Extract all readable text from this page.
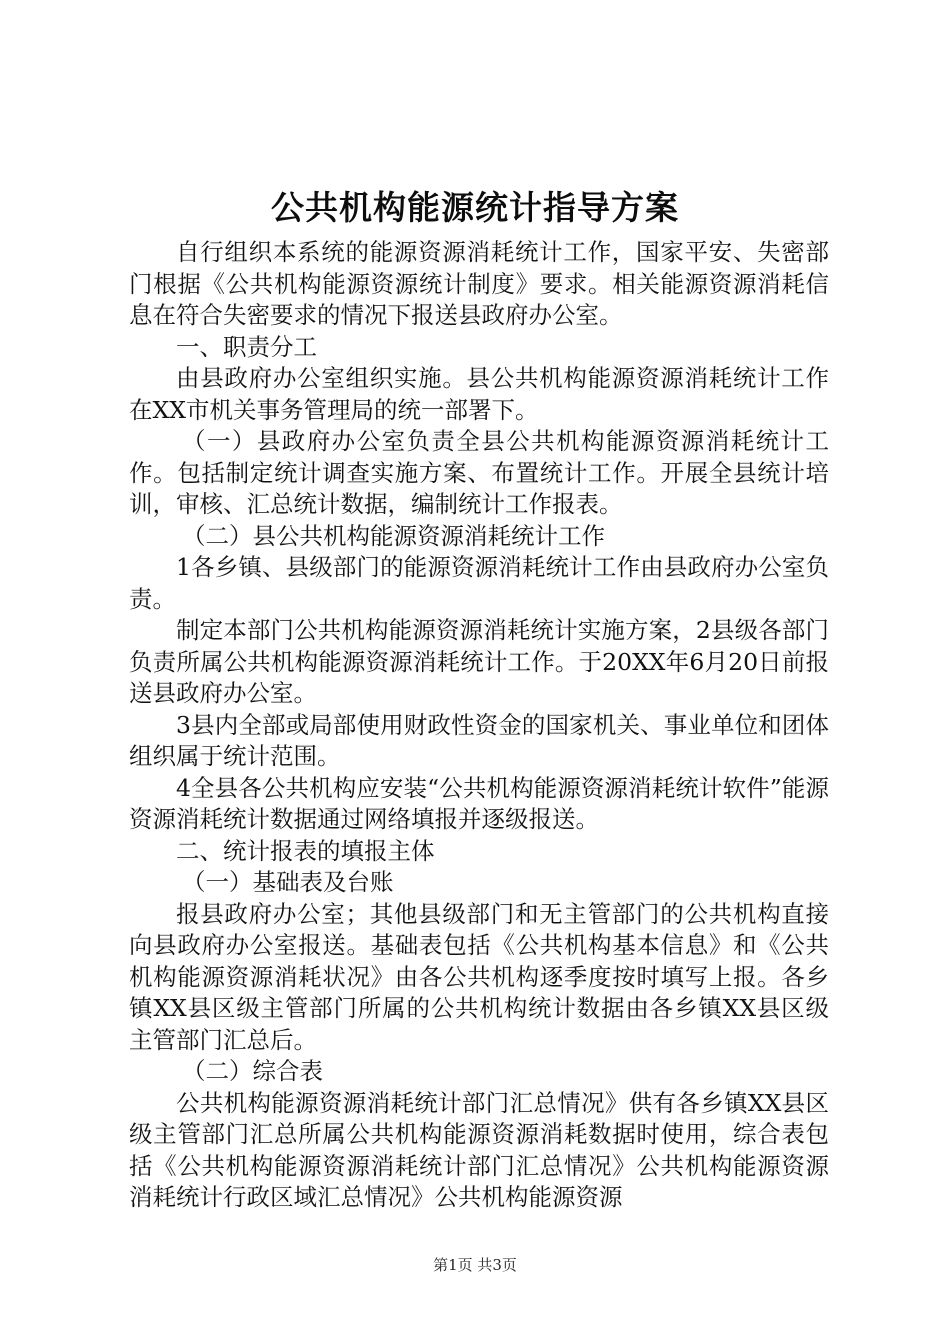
公共机构能源统计指导方案

自行组织本系统的能源资源消耗统计工作，国家平安、失密部门根据《公共机构能源资源统计制度》要求。相关能源资源消耗信息在符合失密要求的情况下报送县政府办公室。

一、职责分工

由县政府办公室组织实施。县公共机构能源资源消耗统计工作在XX市机关事务管理局的统一部署下。

（一）县政府办公室负责全县公共机构能源资源消耗统计工作。包括制定统计调查实施方案、布置统计工作。开展全县统计培训，审核、汇总统计数据，编制统计工作报表。

（二）县公共机构能源资源消耗统计工作

1各乡镇、县级部门的能源资源消耗统计工作由县政府办公室负责。

制定本部门公共机构能源资源消耗统计实施方案，2县级各部门负责所属公共机构能源资源消耗统计工作。于20XX年6月20日前报送县政府办公室。

3县内全部或局部使用财政性资金的国家机关、事业单位和团体组织属于统计范围。

4全县各公共机构应安装“公共机构能源资源消耗统计软件”能源资源消耗统计数据通过网络填报并逐级报送。

二、统计报表的填报主体

（一）基础表及台账

报县政府办公室；其他县级部门和无主管部门的公共机构直接向县政府办公室报送。基础表包括《公共机构基本信息》和《公共机构能源资源消耗状况》由各公共机构逐季度按时填写上报。各乡镇XX县区级主管部门所属的公共机构统计数据由各乡镇XX县区级主管部门汇总后。

（二）综合表

公共机构能源资源消耗统计部门汇总情况》供有各乡镇XX县区级主管部门汇总所属公共机构能源资源消耗数据时使用，综合表包括《公共机构能源资源消耗统计部门汇总情况》公共机构能源资源消耗统计行政区域汇总情况》公共机构能源资源

第1页 共3页
